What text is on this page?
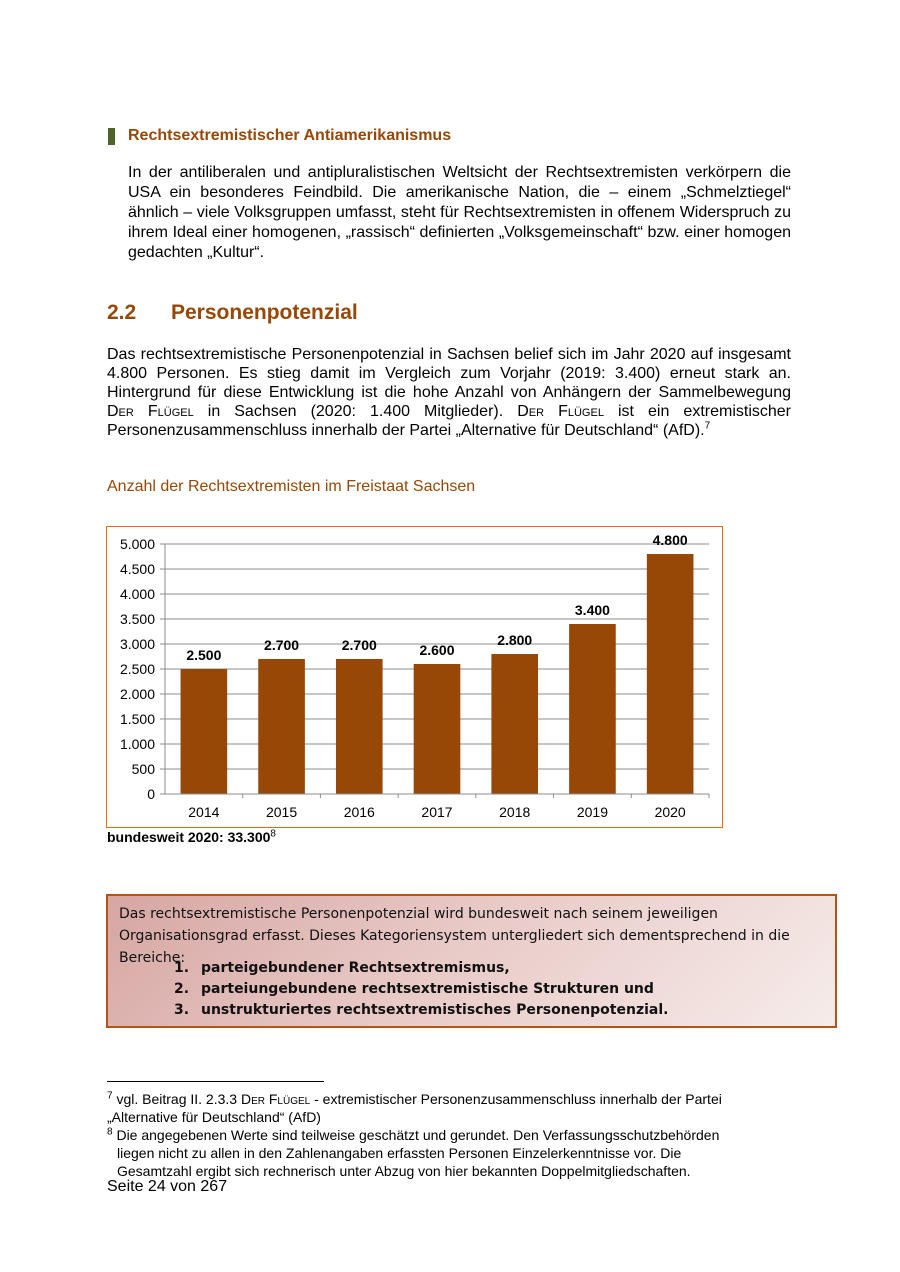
Rechtsextremistischer Antiamerikanismus
In der antiliberalen und antipluralistischen Weltsicht der Rechtsextremisten verkörpern die USA ein besonderes Feindbild. Die amerikanische Nation, die – einem „Schmelztiegel“ ähnlich – viele Volksgruppen umfasst, steht für Rechtsextremisten in offenem Widerspruch zu ihrem Ideal einer homogenen, „rassisch“ definierten „Volksgemeinschaft“ bzw. einer homogen gedachten „Kultur“.
2.2 Personenpotenzial
Das rechtsextremistische Personenpotenzial in Sachsen belief sich im Jahr 2020 auf insgesamt 4.800 Personen. Es stieg damit im Vergleich zum Vorjahr (2019: 3.400) erneut stark an. Hintergrund für diese Entwicklung ist die hohe Anzahl von Anhängern der Sammelbewegung Der Flügel in Sachsen (2020: 1.400 Mitglieder). Der Flügel ist ein extremistischer Personenzusammenschluss innerhalb der Partei „Alternative für Deutschland“ (AfD).$^7$
Anzahl der Rechtsextremisten im Freistaat Sachsen
0
500
1.000
1.500
2.000
2.500
3.000
3.500
4.000
4.500
5.000
2.500
2014
2.700
2015
2.700
2016
2.600
2017
2.800
2018
3.400
2019
4.800
2020
bundesweit 2020: 33.300$^8$
Das rechtsextremistische Personenpotenzial wird bundesweit nach seinem jeweiligen Organisationsgrad erfasst. Dieses Kategoriensystem untergliedert sich dementsprechend in die Bereiche:
1. parteigebundener Rechtsextremismus,
2. parteiungebundene rechtsextremistische Strukturen und
3. unstrukturiertes rechtsextremistisches Personenpotenzial.
$^7$ vgl. Beitrag II. 2.3.3 Der Flügel - extremistischer Personenzusammenschluss innerhalb der Partei
„Alternative für Deutschland“ (AfD)
$^8$ Die angegebenen Werte sind teilweise geschätzt und gerundet. Den Verfassungsschutzbehörden
liegen nicht zu allen in den Zahlenangaben erfassten Personen Einzelerkenntnisse vor. Die
Gesamtzahl ergibt sich rechnerisch unter Abzug von hier bekannten Doppelmitgliedschaften.
Seite 24 von 267
